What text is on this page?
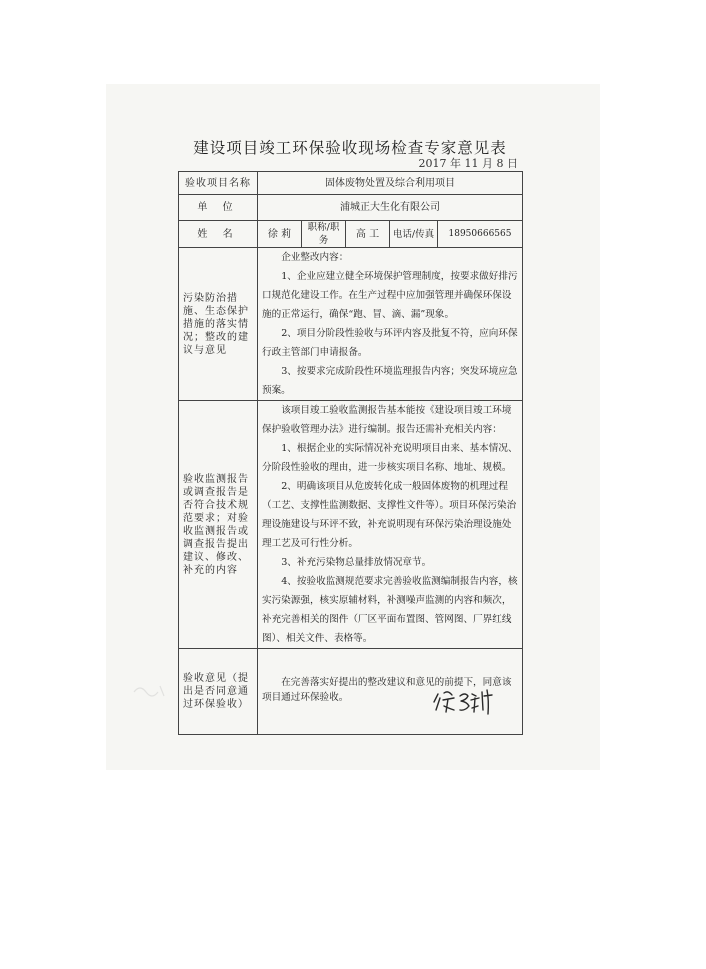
建设项目竣工环保验收现场检查专家意见表
2017 年 11 月 8 日
验收项目名称	固体废物处置及综合利用项目				
单 位	浦城正大生化有限公司				
姓 名	徐 莉	职称/职务	高 工	电话/传真	18950666565
污染防治措施、生态保护措施的落实情况；整改的建议与意见	企业整改内容：

1、企业应建立健全环境保护管理制度，按要求做好排污口规范化建设工作。在生产过程中应加强管理并确保环保设施的正常运行，确保“跑、冒、滴、漏”现象。

2、项目分阶段性验收与环评内容及批复不符，应向环保行政主管部门申请报备。

3、按要求完成阶段性环境监理报告内容；突发环境应急预案。				

验收监测报告或调查报告是否符合技术规范要求；对验收监测报告或调查报告提出建议、修改、补充的内容	该项目竣工验收监测报告基本能按《建设项目竣工环境保护验收管理办法》进行编制。报告还需补充相关内容：

1、根据企业的实际情况补充说明项目由来、基本情况、分阶段性验收的理由，进一步核实项目名称、地址、规模。

2、明确该项目从危废转化成一般固体废物的机理过程（工艺、支撑性监测数据、支撑性文件等）。项目环保污染治理设施建设与环评不致，补充说明现有环保污染治理设施处理工艺及可行性分析。

3、补充污染物总量排放情况章节。

4、按验收监测规范要求完善验收监测编制报告内容，核实污染源强，核实原辅材料，补测噪声监测的内容和频次，补充完善相关的图件（厂区平面布置图、管网图、厂界红线图）、相关文件、表格等。				

验收意见（提出是否同意通过环保验收）	在完善落实好提出的整改建议和意见的前提下，同意该项目通过环保验收。				
